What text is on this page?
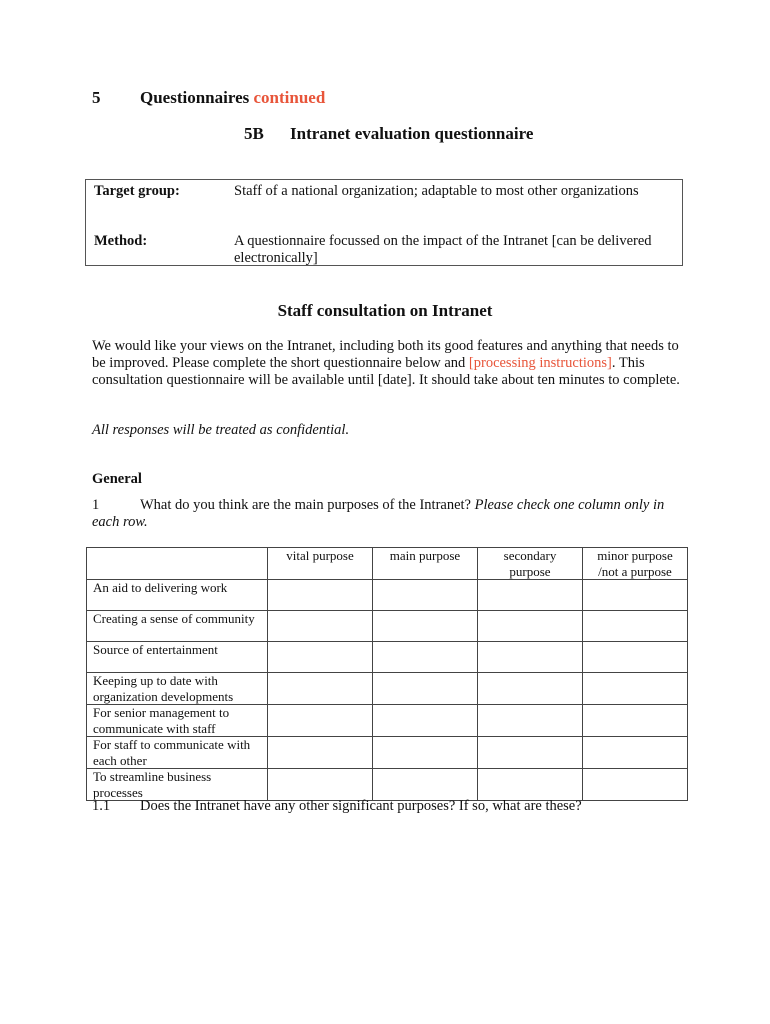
5 Questionnaires continued
5B Intranet evaluation questionnaire
Target group:	Staff of a national organization; adaptable to most other organizations
Method:	A questionnaire focussed on the impact of the Intranet [can be delivered electronically]
Staff consultation on Intranet
We would like your views on the Intranet, including both its good features and anything that needs to be improved. Please complete the short questionnaire below and [processing instructions]. This consultation questionnaire will be available until [date]. It should take about ten minutes to complete.
All responses will be treated as confidential.
General
1	What do you think are the main purposes of the Intranet? Please check one column only in each row.
	vital purpose	main purpose	secondary purpose	minor purpose /not a purpose
An aid to delivering work				
Creating a sense of community				
Source of entertainment				
Keeping up to date with organization developments				
For senior management to communicate with staff				
For staff to communicate with each other				
To streamline business processes				
1.1 Does the Intranet have any other significant purposes? If so, what are these?
